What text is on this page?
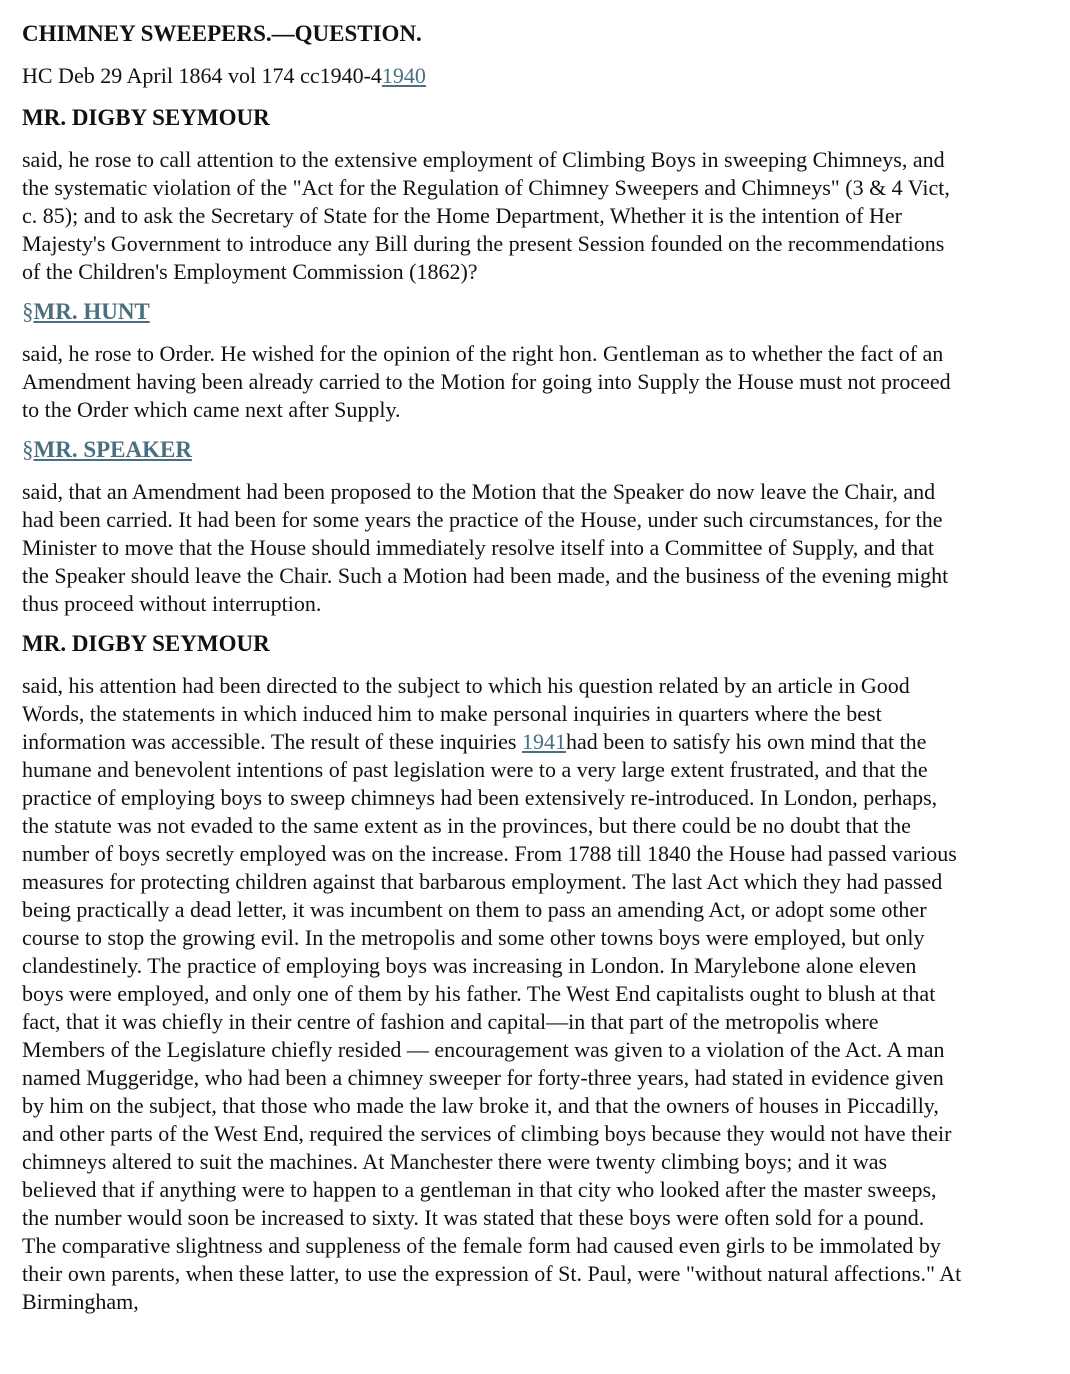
CHIMNEY SWEEPERS.—QUESTION.

HC Deb 29 April 1864 vol 174 cc1940-41940

MR. DIGBY SEYMOUR

said, he rose to call attention to the extensive employment of Climbing Boys in sweeping Chimneys, and the systematic violation of the "Act for the Regulation of Chimney Sweepers and Chimneys" (3 & 4 Vict, c. 85); and to ask the Secretary of State for the Home Department, Whether it is the intention of Her Majesty's Government to introduce any Bill during the present Session founded on the recommendations of the Children's Employment Commission (1862)?

§MR. HUNT

said, he rose to Order. He wished for the opinion of the right hon. Gentleman as to whether the fact of an Amendment having been already carried to the Motion for going into Supply the House must not proceed to the Order which came next after Supply.

§MR. SPEAKER

said, that an Amendment had been proposed to the Motion that the Speaker do now leave the Chair, and had been carried. It had been for some years the practice of the House, under such circumstances, for the Minister to move that the House should immediately resolve itself into a Committee of Supply, and that the Speaker should leave the Chair. Such a Motion had been made, and the business of the evening might thus proceed without interruption.

MR. DIGBY SEYMOUR

said, his attention had been directed to the subject to which his question related by an article in Good Words, the statements in which induced him to make personal inquiries in quarters where the best information was accessible. The result of these inquiries 1941had been to satisfy his own mind that the humane and benevolent intentions of past legislation were to a very large extent frustrated, and that the practice of employing boys to sweep chimneys had been extensively re-introduced. In London, perhaps, the statute was not evaded to the same extent as in the provinces, but there could be no doubt that the number of boys secretly employed was on the increase. From 1788 till 1840 the House had passed various measures for protecting children against that barbarous employment. The last Act which they had passed being practically a dead letter, it was incumbent on them to pass an amending Act, or adopt some other course to stop the growing evil. In the metropolis and some other towns boys were employed, but only clandestinely. The practice of employing boys was increasing in London. In Marylebone alone eleven boys were employed, and only one of them by his father. The West End capitalists ought to blush at that fact, that it was chiefly in their centre of fashion and capital—in that part of the metropolis where Members of the Legislature chiefly resided — encouragement was given to a violation of the Act. A man named Muggeridge, who had been a chimney sweeper for forty-three years, had stated in evidence given by him on the subject, that those who made the law broke it, and that the owners of houses in Piccadilly, and other parts of the West End, required the services of climbing boys because they would not have their chimneys altered to suit the machines. At Manchester there were twenty climbing boys; and it was believed that if anything were to happen to a gentleman in that city who looked after the master sweeps, the number would soon be increased to sixty. It was stated that these boys were often sold for a pound. The comparative slightness and suppleness of the female form had caused even girls to be immolated by their own parents, when these latter, to use the expression of St. Paul, were "without natural affections." At Birmingham,
